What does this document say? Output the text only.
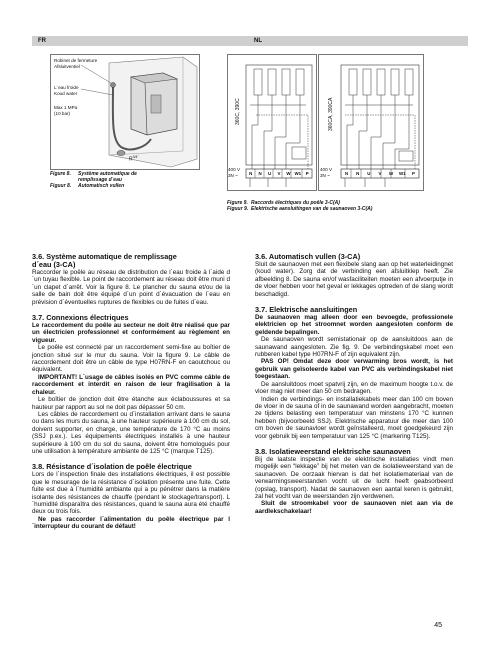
FR	NL
Robinet de fermeture
Afsluitventiel
L´eau froide
Koud water
Max 1 MPa
(10 bar)
$R^{3/4"}$
Figure 8. Système automatique de
remplissage d´eau
Figuur 8. Automatisch vullen
360C, 390C
400 V
3N ~	N	N	U	V	W W1	P
360CA, 390CA
400 V
3N ~	N	N	U	V	W	W1	P
Figure 9. Raccords électriques du poêle 3-C(A)
Figuur 9. Elektrische aansluitingen van de saunaoven 3-C(A)
3.6. Système automatique de remplissage
d´eau (3-CA)

Raccorder le poêle au réseau de distribution de l´eau froide à l´aide d´un tuyau flexible. Le point de raccordement au réseau doit être muni d´un clapet d´arrêt. Voir la figure 8. Le plancher du sauna et/ou de la salle de bain doit être équipé d´un point d´évacuation de l´eau en prévision d´éventuelles ruptures de flexibles ou de fuites d´eau.

3.7. Connexions électriques

Le raccordement du poêle au secteur ne doit être réalisé que par un électricien professionnel et conformément au règlement en vigueur.

Le poêle est connecté par un raccordement semi-fixe au boîtier de jonction situé sur le mur du sauna. Voir la figure 9. Le câble de raccordement doit être un câble de type H07RN-F en caoutchouc ou équivalent.

IMPORTANT! L´usage de câbles isolés en PVC comme câble de raccordement et interdit en raison de leur fragilisation à la chaleur.

Le boîtier de jonction doit être étanche aux éclaboussures et sa hauteur par rapport au sol ne doit pas dépasser 50 cm.

Les câbles de raccordement ou d´installation arrivant dans le sauna ou dans les murs du sauna, à une hauteur supérieure à 100 cm du sol, doivent supporter, en charge, une température de 170 °C au moins (SSJ p.ex.). Les équipements électriques installés à une hauteur supérieure à 100 cm du sol du sauna, doivent être homologués pour une utilisation à température ambiante de 125 °C (marque T125).

3.8. Résistance d´isolation de poêle électrique

Lors de l´inspection finale des installations électriques, il est possible que le mesurage de la résistance d´isolation présente une fuite. Cette fuite est due à l´humidité ambiante qui a pu pénétrer dans la matière isolante des résistances de chauffe (pendant le stockage/transport). L´humidité disparaîtra des résistances, quand le sauna aura été chauffé deux ou trois fois.

Ne pas raccorder l´alimentation du poêle électrique par l´interrupteur du courant de défaut!

3.6. Automatisch vullen (3-CA)

Sluit de saunaoven met een flexibele slang aan op het waterleidingnet (koud water). Zorg dat de verbinding een afsluitklep heeft. Zie afbeelding 8. De sauna en/of wasfaciliteiten moeten een afvoerputje in de vloer hebben voor het geval er lekkages optreden of de slang wordt beschadigd.

3.7. Elektrische aansluitingen

De saunaoven mag alleen door een bevoegde, professionele elektricien op het stroomnet worden aangesloten conform de geldende bepalingen.

De saunaoven wordt semistationair op de aansluitdoos aan de saunawand aangesloten. Zie fig. 9. De verbindingskabel moet een rubberen kabel type H07RN-F of zijn equivalent zijn.

PAS OP! Omdat deze door verwarming bros wordt, is het gebruik van geïsoleerde kabel van PVC als verbindingskabel niet toegestaan.

De aansluitdoos moet spatvrij zijn, en de maximum hoogte t.o.v. de vloer mag niet meer dan 50 cm bedragen.

Indien de verbindings- en installatiekabels meer dan 100 cm boven de vloer in de sauna of in de saunawand worden aangebracht, moeten ze tijdens belasting een temperatuur van minstens 170 °C kunnen hebben (bijvoorbeeld SSJ). Elektrische apparatuur die meer dan 100 cm boven de saunavloer wordt geïnstalleerd, moet goedgekeurd zijn voor gebruik bij een temperatuur van 125 °C (markering T125).

3.8. Isolatieweerstand elektrische saunaoven

Bij de laatste inspectie van de elektrische installaties vindt men mogelijk een “lekkage” bij het meten van de isolatieweerstand van de saunaoven. De oorzaak hiervan is dat het isolatiemateriaal van de verwarmingsweerstanden vocht uit de lucht heeft geabsorbeerd (opslag, transport). Nadat de saunaoven een aantal keren is gebruikt, zal het vocht van de weerstanden zijn verdwenen.

Sluit de stroomkabel voor de saunaoven niet aan via de aardlekschakelaar!

45
